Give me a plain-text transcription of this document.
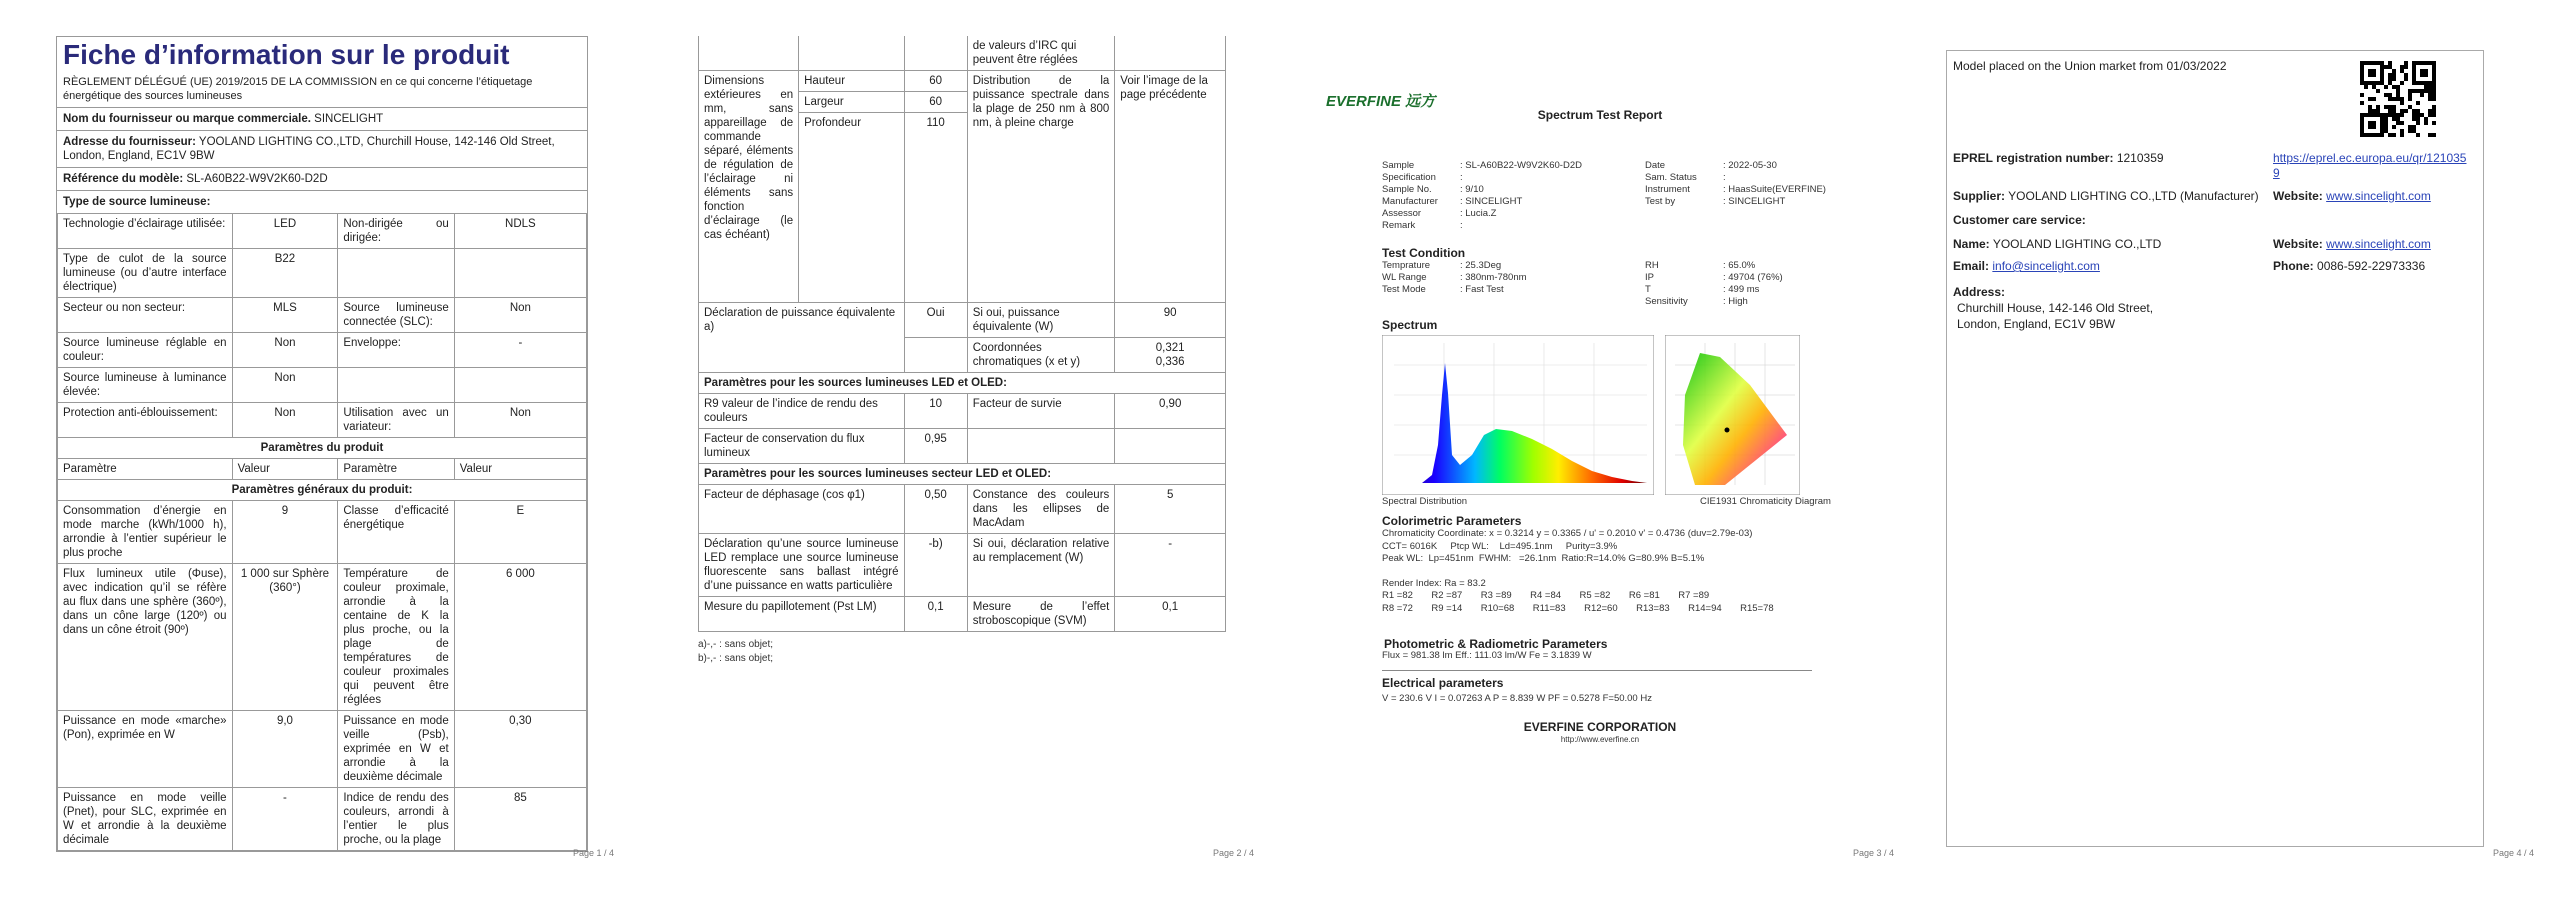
Fiche d’information sur le produit
RÈGLEMENT DÉLÉGUÉ (UE) 2019/2015 DE LA COMMISSION en ce qui concerne l’étiquetage énergétique des sources lumineuses
Nom du fournisseur ou marque commerciale. SINCELIGHT
Adresse du fournisseur: YOOLAND LIGHTING CO.,LTD, Churchill House, 142-146 Old Street, London, England, EC1V 9BW
Référence du modèle: SL-A60B22-W9V2K60-D2D
Type de source lumineuse:
Technologie d’éclairage utilisée:	LED	Non-dirigée ou dirigée:	NDLS
Type de culot de la source lumineuse (ou d’autre interface électrique)	B22		
Secteur ou non secteur:	MLS	Source lumineuse connectée (SLC):	Non
Source lumineuse réglable en couleur:	Non	Enveloppe:	-
Source lumineuse à luminance élevée:	Non		
Protection anti-éblouissement:	Non	Utilisation avec un variateur:	Non
Paramètres du produit			
Paramètre	Valeur	Paramètre	Valeur
Paramètres généraux du produit:			
Consommation d’énergie en mode marche (kWh/1000 h), arrondie à l’entier supérieur le plus proche	9	Classe d’efficacité énergétique	E
Flux lumineux utile (Φuse), avec indication qu’il se réfère au flux dans une sphère (360º), dans un cône large (120º) ou dans un cône étroit (90º)	1 000 sur Sphère (360°)	Température de couleur proximale, arrondie à la centaine de K la plus proche, ou la plage de températures de couleur proximales qui peuvent être réglées	6 000
Puissance en mode «marche» (Pon), exprimée en W	9,0	Puissance en mode veille (Psb), exprimée en W et arrondie à la deuxième décimale	0,30
Puissance en mode veille (Pnet), pour SLC, exprimée en W et arrondie à la deuxième décimale	-	Indice de rendu des couleurs, arrondi à l’entier le plus proche, ou la plage	85
Page 1 / 4
			de valeurs d’IRC qui peuvent être réglées	
Dimensions extérieures en mm, sans appareillage de commande séparé, éléments de régulation de l’éclairage ni éléments sans fonction d’éclairage (le cas échéant)	Hauteur	60	Distribution de la puissance spectrale dans la plage de 250 nm à 800 nm, à pleine charge	Voir l’image de la page précédente
	Largeur	60		
	Profondeur	110		
Déclaration de puissance équivalente a)		Oui	Si oui, puissance équivalente (W)	90
			Coordonnées chromatiques (x et y)	0,321
0,336

Paramètres pour les sources lumineuses LED et OLED:				
R9 valeur de l’indice de rendu des couleurs		10	Facteur de survie	0,90
Facteur de conservation du flux lumineux		0,95		
Paramètres pour les sources lumineuses secteur LED et OLED:				
Facteur de déphasage (cos φ1)		0,50	Constance des couleurs dans les ellipses de MacAdam	5
Déclaration qu’une source lumineuse LED remplace une source lumineuse fluorescente sans ballast intégré d’une puissance en watts particulière		-b)	Si oui, déclaration relative au remplacement (W)	-
Mesure du papillotement (Pst LM)		0,1	Mesure de l’effet stroboscopique (SVM)	0,1
a)-,- : sans objet;
b)-,- : sans objet;
Page 2 / 4
EVERFINE 远方
Spectrum Test Report
Sample	: SL-A60B22-W9V2K60-D2D
Specification	:
Sample No.	: 9/10
Manufacturer : SINCELIGHT
Assessor	: Lucia.Z
Remark	:
Date	: 2022-05-30
Sam. Status	:
Instrument	: HaasSuite(EVERFINE)
Test by	: SINCELIGHT
Test Condition
Temprature	: 25.3Deg
WL Range	: 380nm-780nm
Test Mode	: Fast Test
RH	: 65.0%
IP	: 49704 (76%)
T	: 499 ms
Sensitivity	: High
Spectrum
Spectral Distribution	CIE1931 Chromaticity Diagram
Colorimetric Parameters
Chromaticity Coordinate: x = 0.3214 y = 0.3365 / u' = 0.2010 v' = 0.4736 (duv=2.79e-03)
CCT= 6016K     Ptcp WL:    Ld=495.1nm     Purity=3.9%
Peak WL:  Lp=451nm  FWHM:   =26.1nm  Ratio:R=14.0% G=80.9% B=5.1%
Render Index: Ra = 83.2
R1 =82       R2 =87       R3 =89       R4 =84       R5 =82       R6 =81       R7 =89
R8 =72       R9 =14       R10=68       R11=83       R12=60       R13=83       R14=94       R15=78
Photometric & Radiometric Parameters
Flux = 981.38 lm Eff.: 111.03 lm/W Fe = 3.1839 W
Electrical parameters
V = 230.6 V I = 0.07263 A P = 8.839 W PF = 0.5278 F=50.00 Hz
EVERFINE CORPORATION
http://www.everfine.cn
Page 3 / 4
Model placed on the Union market from 01/03/2022
EPREL registration number: 1210359	https://eprel.ec.europa.eu/qr/1210359
Supplier: YOOLAND LIGHTING CO.,LTD (Manufacturer) Website: www.sincelight.com
Customer care service:
Name: YOOLAND LIGHTING CO.,LTD	Website: www.sincelight.com
Email: info@sincelight.com	Phone: 0086-592-22973336
Address:
Churchill House, 142-146 Old Street,
London, England, EC1V 9BW
Page 4 / 4
